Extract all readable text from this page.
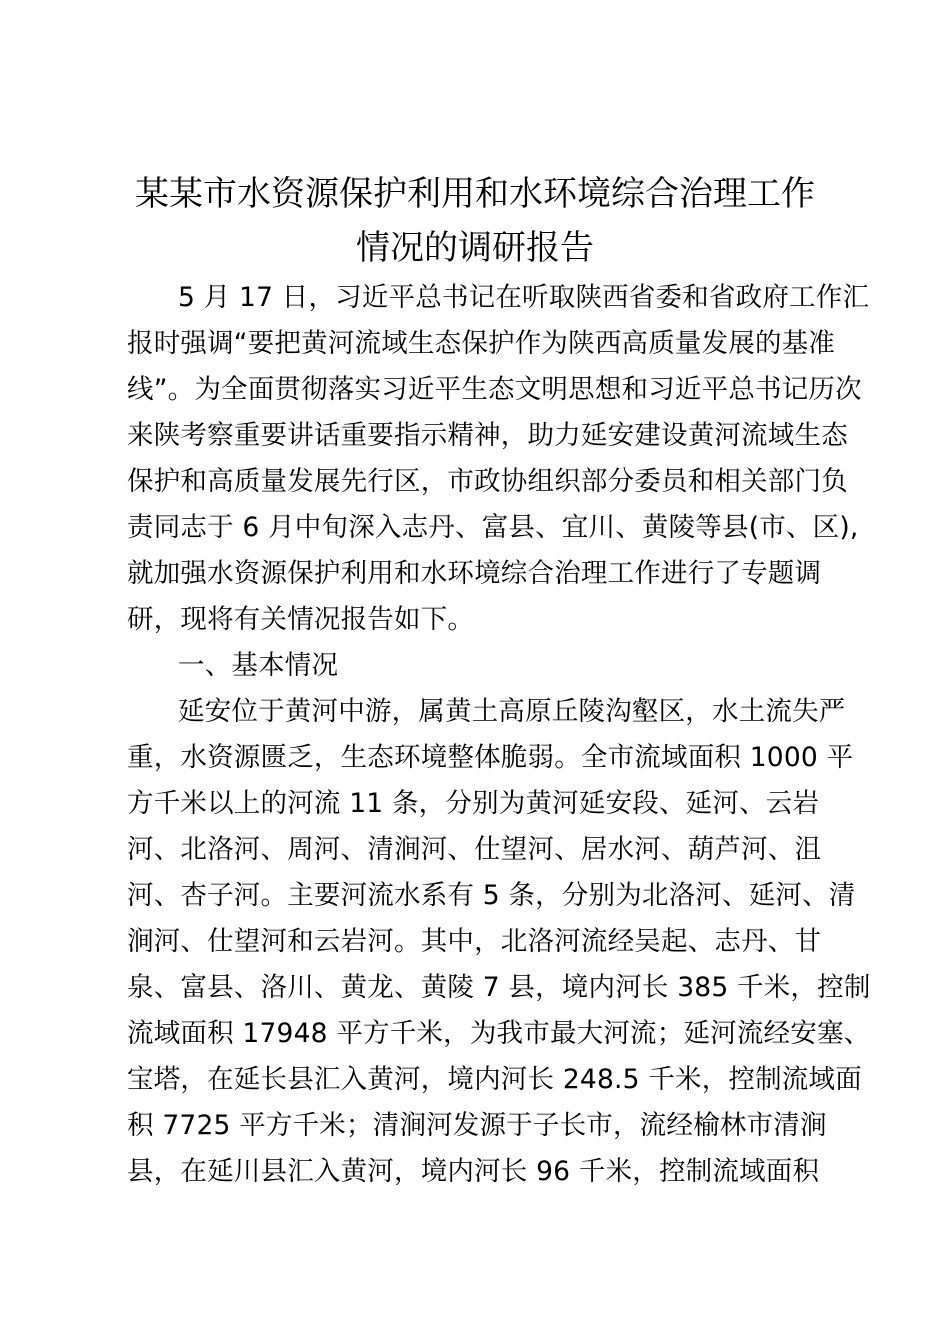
某某市水资源保护利用和水环境综合治理工作
情况的调研报告
5 月 17 日，习近平总书记在听取陕西省委和省政府工作汇
报时强调“要把黄河流域生态保护作为陕西高质量发展的基准
线”。为全面贯彻落实习近平生态文明思想和习近平总书记历次
来陕考察重要讲话重要指示精神，助力延安建设黄河流域生态
保护和高质量发展先行区，市政协组织部分委员和相关部门负
责同志于 6 月中旬深入志丹、富县、宜川、黄陵等县(市、区),
就加强水资源保护利用和水环境综合治理工作进行了专题调
研，现将有关情况报告如下。
一、基本情况
延安位于黄河中游，属黄土高原丘陵沟壑区，水土流失严
重，水资源匮乏，生态环境整体脆弱。全市流域面积 1000 平
方千米以上的河流 11 条，分别为黄河延安段、延河、云岩
河、北洛河、周河、清涧河、仕望河、居水河、葫芦河、沮
河、杏子河。主要河流水系有 5 条，分别为北洛河、延河、清
涧河、仕望河和云岩河。其中，北洛河流经吴起、志丹、甘
泉、富县、洛川、黄龙、黄陵 7 县，境内河长 385 千米，控制
流域面积 17948 平方千米，为我市最大河流；延河流经安塞、
宝塔，在延长县汇入黄河，境内河长 248.5 千米，控制流域面
积 7725 平方千米；清涧河发源于子长市，流经榆林市清涧
县，在延川县汇入黄河，境内河长 96 千米，控制流域面积
